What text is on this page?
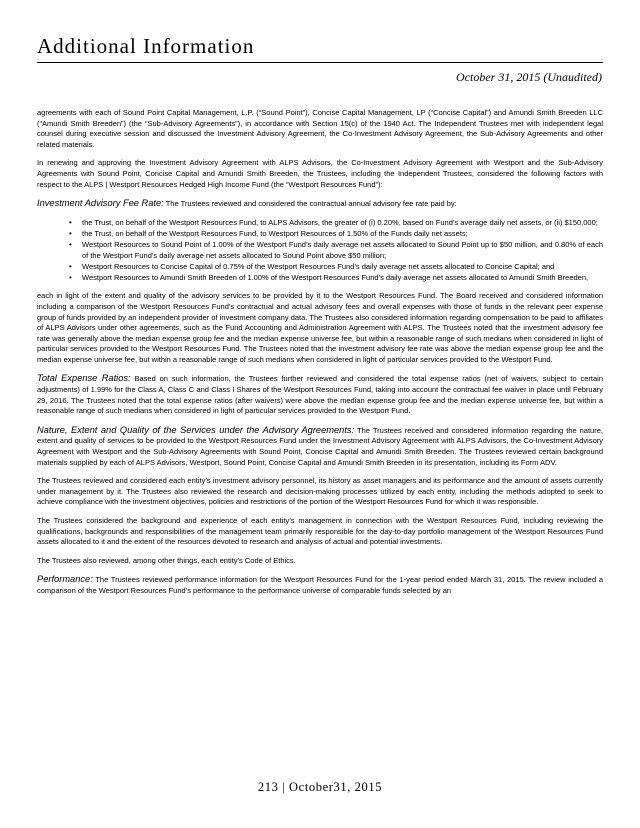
Additional Information
October 31, 2015 (Unaudited)

agreements with each of Sound Point Capital Management, L.P. (“Sound Point”), Concise Capital Management, LP (“Concise Capital”) and Amundi Smith Breeden LLC (“Amundi Smith Breeden”) (the “Sub-Advisory Agreements”), in accordance with Section 15(c) of the 1940 Act. The Independent Trustees met with independent legal counsel during executive session and discussed the Investment Advisory Agreement, the Co-Investment Advisory Agreement, the Sub-Advisory Agreements and other related materials.

In renewing and approving the Investment Advisory Agreement with ALPS Advisors, the Co-Investment Advisory Agreement with Westport and the Sub-Advisory Agreements with Sound Point, Concise Capital and Amundi Smith Breeden, the Trustees, including the Independent Trustees, considered the following factors with respect to the ALPS | Westport Resources Hedged High Income Fund (the “Westport Resources Fund”):

Investment Advisory Fee Rate: The Trustees reviewed and considered the contractual annual advisory fee rate paid by:

• the Trust, on behalf of the Westport Resources Fund, to ALPS Advisors, the greater of (i) 0.20%, based on Fund’s average daily net assets, or (ii) $150,000;
• the Trust, on behalf of the Westport Resources Fund, to Westport Resources of 1.50% of the Funds daily net assets;
• Westport Resources to Sound Point of 1.00% of the Westport Fund’s daily average net assets allocated to Sound Point up to $50 million, and 0.80% of each of the Westport Fund’s daily average net assets allocated to Sound Point above $50 million;
• Westport Resources to Concise Capital of 0.75% of the Westport Resources Fund’s daily average net assets allocated to Concise Capital; and
• Westport Resources to Amundi Smith Breeden of 1.00% of the Westport Resources Fund’s daily average net assets allocated to Amundi Smith Breeden,

each in light of the extent and quality of the advisory services to be provided by it to the Westport Resources Fund. The Board received and considered information including a comparison of the Westport Resources Fund’s contractual and actual advisory fees and overall expenses with those of funds in the relevant peer expense group of funds provided by an independent provider of investment company data. The Trustees also considered information regarding compensation to be paid to affiliates of ALPS Advisors under other agreements, such as the Fund Accounting and Administration Agreement with ALPS. The Trustees noted that the investment advisory fee rate was generally above the median expense group fee and the median expense universe fee, but within a reasonable range of such medians when considered in light of particular services provided to the Westport Resources Fund. The Trustees noted that the investment advisory fee rate was above the median expense group fee and the median expense universe fee, but within a reasonable range of such medians when considered in light of particular services provided to the Westport Fund.

Total Expense Ratios: Based on such information, the Trustees further reviewed and considered the total expense ratios (net of waivers, subject to certain adjustments) of 1.99% for the Class A, Class C and Class I Shares of the Westport Resources Fund, taking into account the contractual fee waiver in place until February 29, 2016. The Trustees noted that the total expense ratios (after waivers) were above the median expense group fee and the median expense universe fee, but within a reasonable range of such medians when considered in light of particular services provided to the Westport Fund.

Nature, Extent and Quality of the Services under the Advisory Agreements: The Trustees received and considered information regarding the nature, extent and quality of services to be provided to the Westport Resources Fund under the Investment Advisory Agreement with ALPS Advisors, the Co-Investment Advisory Agreement with Westport and the Sub-Advisory Agreements with Sound Point, Concise Capital and Amundi Smith Breeden. The Trustees reviewed certain background materials supplied by each of ALPS Advisors, Westport, Sound Point, Concise Capital and Amundi Smith Breeden in its presentation, including its Form ADV.

The Trustees reviewed and considered each entity’s investment advisory personnel, its history as asset managers and its performance and the amount of assets currently under management by it. The Trustees also reviewed the research and decision-making processes utilized by each entity, including the methods adopted to seek to achieve compliance with the investment objectives, policies and restrictions of the portion of the Westport Resources Fund for which it was responsible.

The Trustees considered the background and experience of each entity’s management in connection with the Westport Resources Fund, including reviewing the qualifications, backgrounds and responsibilities of the management team primarily responsible for the day-to-day portfolio management of the Westport Resources Fund assets allocated to it and the extent of the resources devoted to research and analysis of actual and potential investments.

The Trustees also reviewed, among other things, each entity’s Code of Ethics.

Performance: The Trustees reviewed performance information for the Westport Resources Fund for the 1-year period ended March 31, 2015. The review included a comparison of the Westport Resources Fund’s performance to the performance universe of comparable funds selected by an

213 | October31, 2015
